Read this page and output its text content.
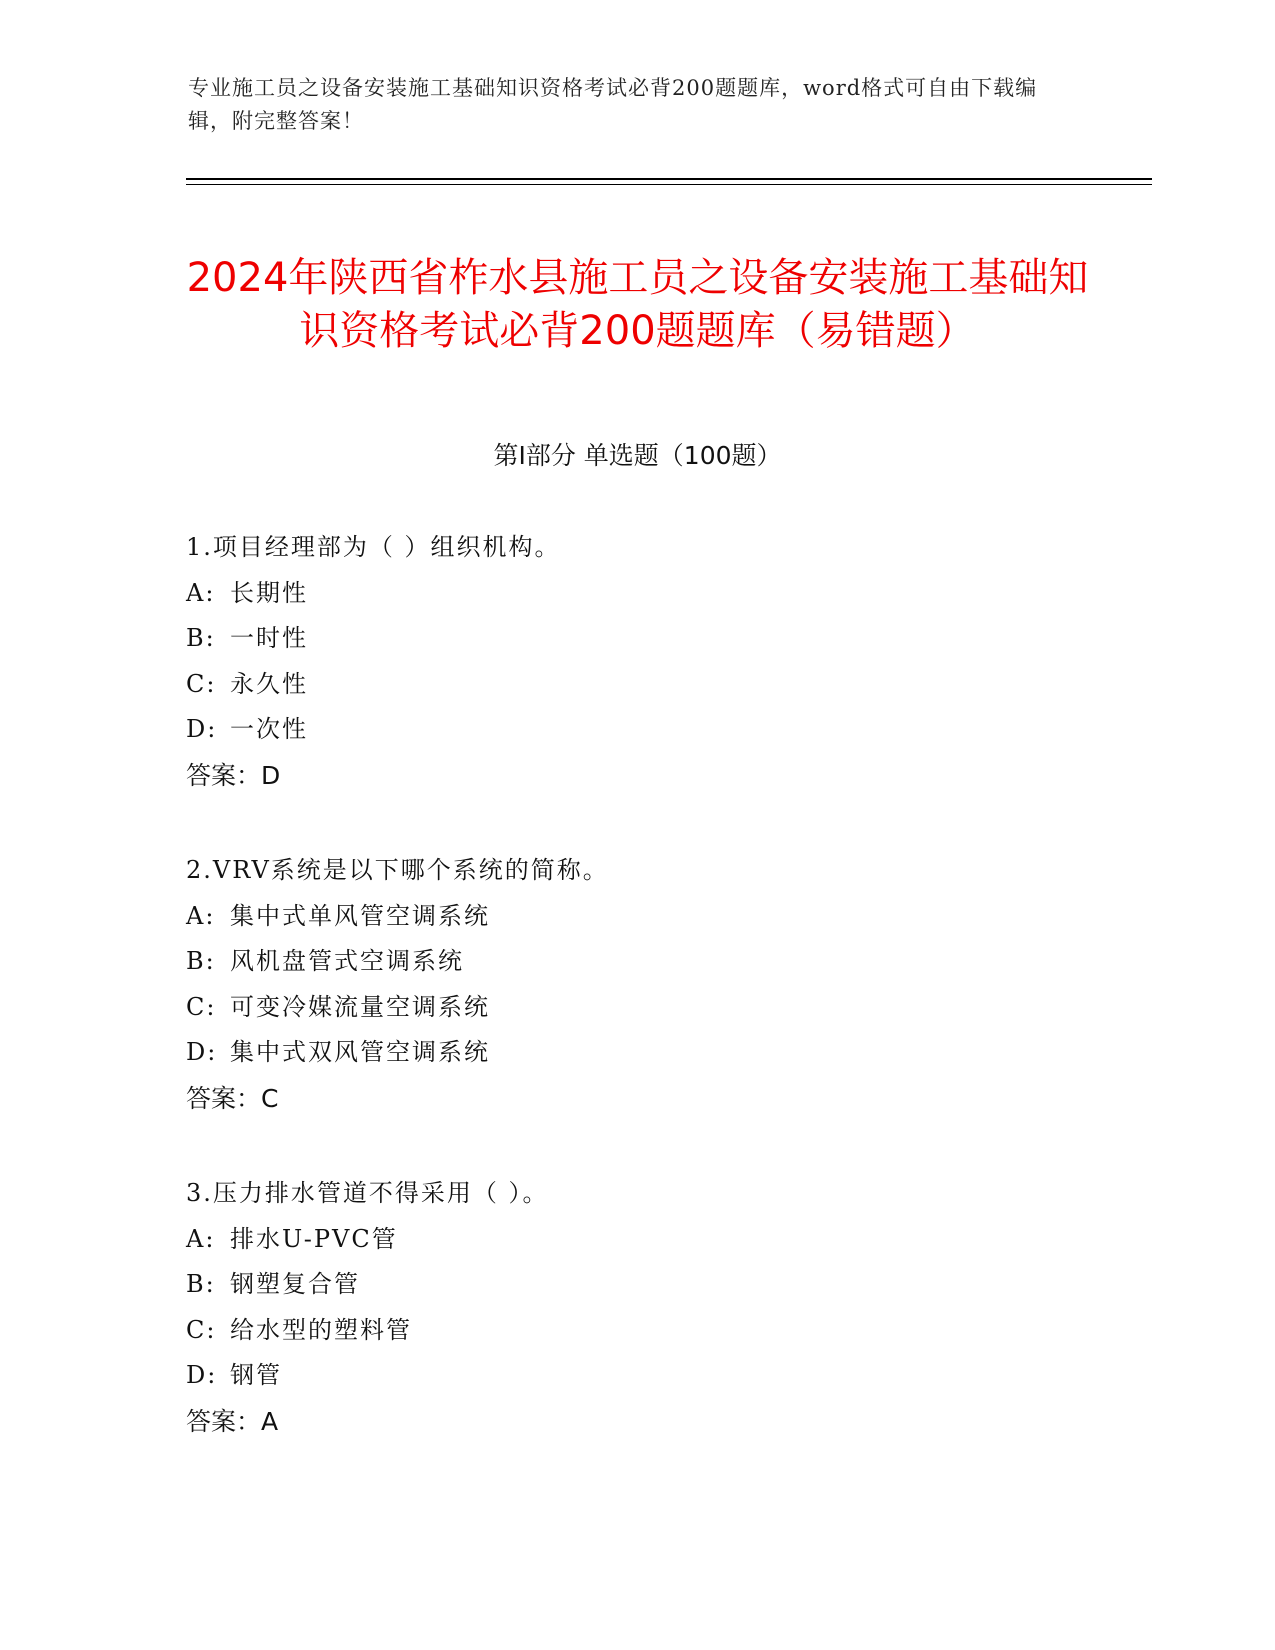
专业施工员之设备安装施工基础知识资格考试必背200题题库，word格式可自由下载编辑，附完整答案！
2024年陕西省柞水县施工员之设备安装施工基础知识资格考试必背200题题库（易错题）
第I部分 单选题（100题）
1.项目经理部为（ ）组织机构。
A: 长期性
B: 一时性
C: 永久性
D: 一次性
答案：D
2.VRV系统是以下哪个系统的简称。
A: 集中式单风管空调系统
B: 风机盘管式空调系统
C: 可变冷媒流量空调系统
D: 集中式双风管空调系统
答案：C
3.压力排水管道不得采用（ ）。
A: 排水U-PVC管
B: 钢塑复合管
C: 给水型的塑料管
D: 钢管
答案：A
